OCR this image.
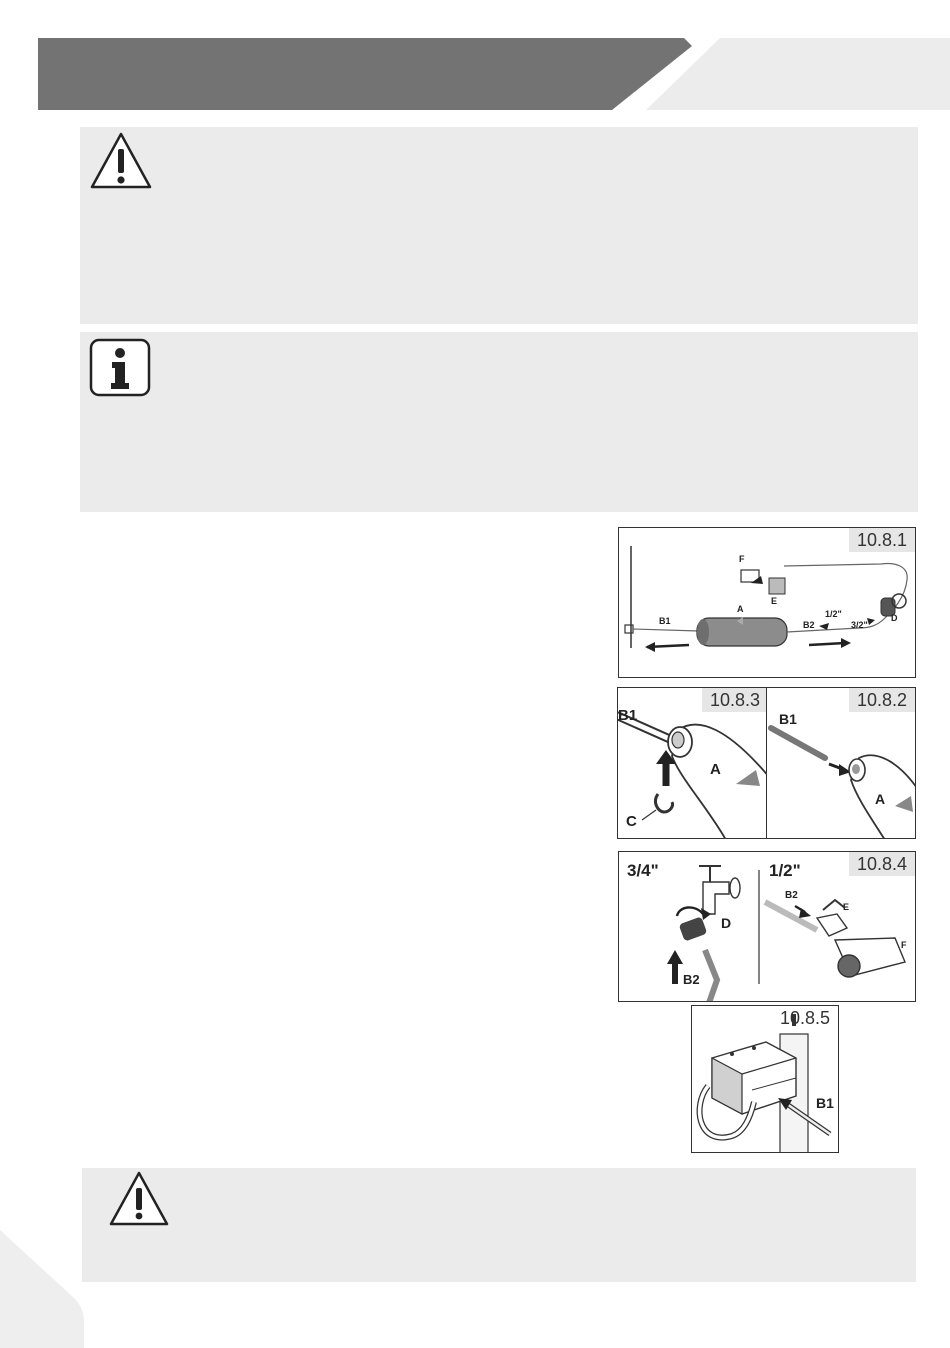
10.8.1
F
E
A
B1	B2
1/2"
3/2"
D
10.8.3
B1
A
C
10.8.2
B1
A
10.8.4
3/4"	1/2"
D
B2
B2
E
F
10.8.5
B1
